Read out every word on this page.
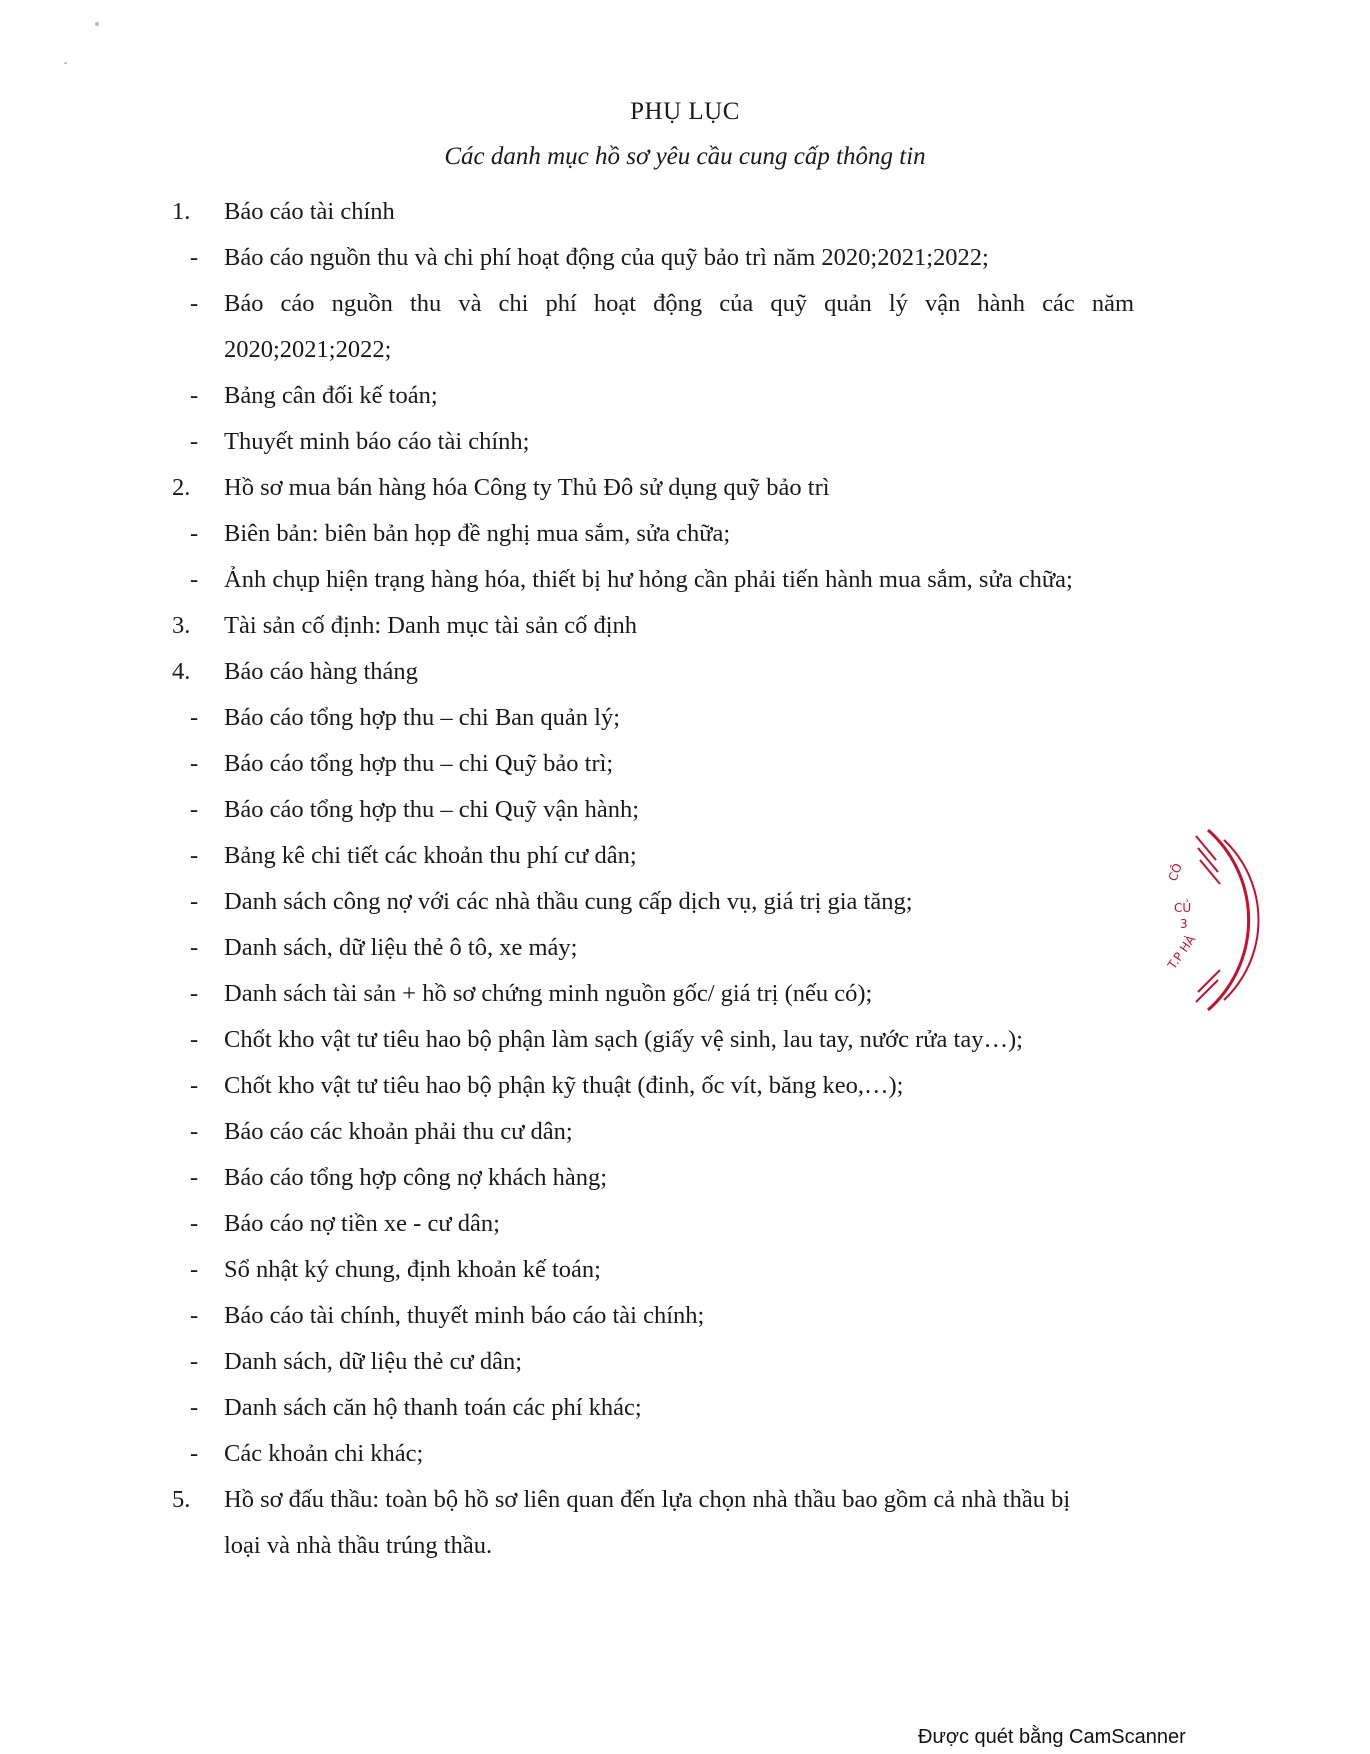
PHỤ LỤC
Các danh mục hồ sơ yêu cầu cung cấp thông tin
1.	Báo cáo tài chính
-	Báo cáo nguồn thu và chi phí hoạt động của quỹ bảo trì năm 2020;2021;2022;
-	Báo cáo nguồn thu và chi phí hoạt động của quỹ quản lý vận hành các năm
2020;2021;2022;
-	Bảng cân đối kế toán;
-	Thuyết minh báo cáo tài chính;
2.	Hồ sơ mua bán hàng hóa Công ty Thủ Đô sử dụng quỹ bảo trì
-	Biên bản: biên bản họp đề nghị mua sắm, sửa chữa;
-	Ảnh chụp hiện trạng hàng hóa, thiết bị hư hỏng cần phải tiến hành mua sắm, sửa chữa;
3.	Tài sản cố định: Danh mục tài sản cố định
4.	Báo cáo hàng tháng
-	Báo cáo tổng hợp thu – chi Ban quản lý;
-	Báo cáo tổng hợp thu – chi Quỹ bảo trì;
-	Báo cáo tổng hợp thu – chi Quỹ vận hành;
-	Bảng kê chi tiết các khoản thu phí cư dân;
-	Danh sách công nợ với các nhà thầu cung cấp dịch vụ, giá trị gia tăng;
-	Danh sách, dữ liệu thẻ ô tô, xe máy;
-	Danh sách tài sản + hồ sơ chứng minh nguồn gốc/ giá trị (nếu có);
-	Chốt kho vật tư tiêu hao bộ phận làm sạch (giấy vệ sinh, lau tay, nước rửa tay…);
-	Chốt kho vật tư tiêu hao bộ phận kỹ thuật (đinh, ốc vít, băng keo,…);
-	Báo cáo các khoản phải thu cư dân;
-	Báo cáo tổng hợp công nợ khách hàng;
-	Báo cáo nợ tiền xe - cư dân;
-	Sổ nhật ký chung, định khoản kế toán;
-	Báo cáo tài chính, thuyết minh báo cáo tài chính;
-	Danh sách, dữ liệu thẻ cư dân;
-	Danh sách căn hộ thanh toán các phí khác;
-	Các khoản chi khác;
5.	Hồ sơ đấu thầu: toàn bộ hồ sơ liên quan đến lựa chọn nhà thầu bao gồm cả nhà thầu bị
loại và nhà thầu trúng thầu.
CÔ
CỦ
3
T.P HÀ
Được quét bằng CamScanner
